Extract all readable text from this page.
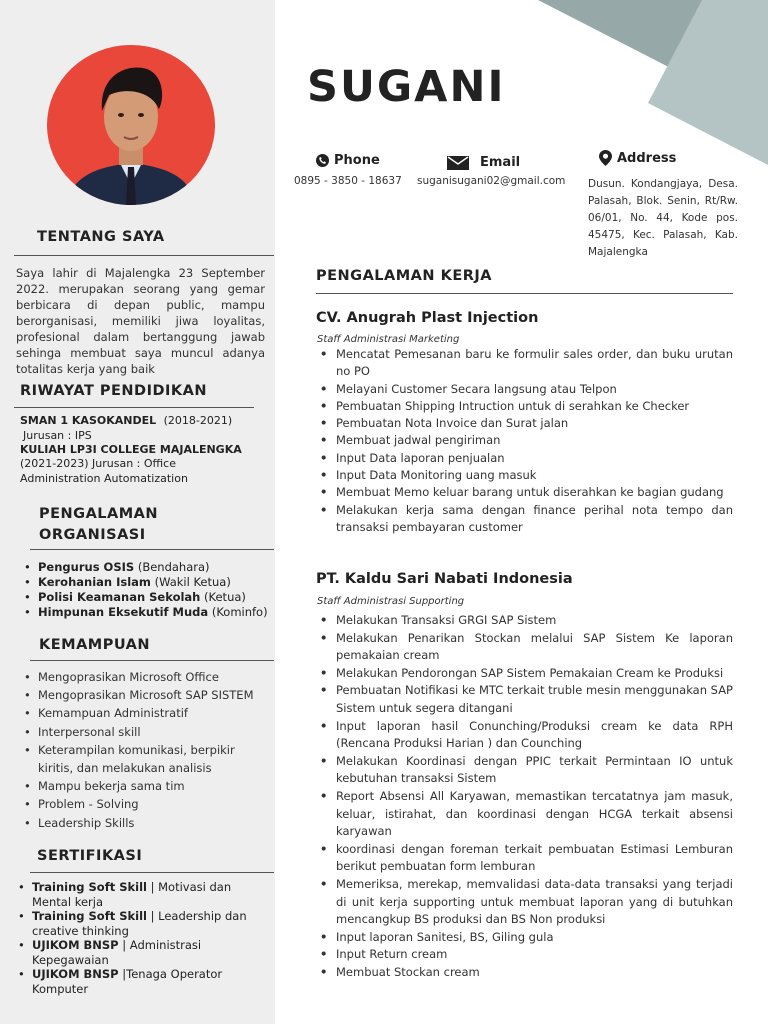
SUGANI
Phone
0895 - 3850 - 18637
Email
suganisugani02@gmail.com
Address
Dusun. Kondangjaya, Desa. Palasah, Blok. Senin, Rt/Rw. 06/01, No. 44, Kode pos. 45475, Kec. Palasah, Kab. Majalengka
TENTANG SAYA
Saya lahir di Majalengka 23 September 2022. merupakan seorang yang gemar berbicara di depan public, mampu berorganisasi, memiliki jiwa loyalitas, profesional dalam bertanggung jawab sehinga membuat saya muncul adanya totalitas kerja yang baik
RIWAYAT PENDIDIKAN
SMAN 1 KASOKANDEL (2018-2021)
Jurusan : IPS
KULIAH LP3I COLLEGE MAJALENGKA
(2021-2023) Jurusan : Office Administration Automatization
PENGALAMAN
ORGANISASI
• Pengurus OSIS (Bendahara)
• Kerohanian Islam (Wakil Ketua)
• Polisi Keamanan Sekolah (Ketua)
• Himpunan Eksekutif Muda (Kominfo)
KEMAMPUAN
• Mengoprasikan Microsoft Office
• Mengoprasikan Microsoft SAP SISTEM
• Kemampuan Administratif
• Interpersonal skill
• Keterampilan komunikasi, berpikir kiritis, dan melakukan analisis
• Mampu bekerja sama tim
• Problem - Solving
• Leadership Skills
SERTIFIKASI
• Training Soft Skill | Motivasi dan Mental kerja
• Training Soft Skill | Leadership dan creative thinking
• UJIKOM BNSP | Administrasi Kepegawaian
• UJIKOM BNSP |Tenaga Operator Komputer
PENGALAMAN KERJA
CV. Anugrah Plast Injection
Staff Administrasi Marketing
• Mencatat Pemesanan baru ke formulir sales order, dan buku urutan no PO
• Melayani Customer Secara langsung atau Telpon
• Pembuatan Shipping Intruction untuk di serahkan ke Checker
• Pembuatan Nota Invoice dan Surat jalan
• Membuat jadwal pengiriman
• Input Data laporan penjualan
• Input Data Monitoring uang masuk
• Membuat Memo keluar barang untuk diserahkan ke bagian gudang
• Melakukan kerja sama dengan finance perihal nota tempo dan transaksi pembayaran customer
PT. Kaldu Sari Nabati Indonesia
Staff Administrasi Supporting
• Melakukan Transaksi GRGI SAP Sistem
• Melakukan Penarikan Stockan melalui SAP Sistem Ke laporan pemakaian cream
• Melakukan Pendorongan SAP Sistem Pemakaian Cream ke Produksi
• Pembuatan Notifikasi ke MTC terkait truble mesin menggunakan SAP Sistem untuk segera ditangani
• Input laporan hasil Conunching/Produksi cream ke data RPH (Rencana Produksi Harian ) dan Counching
• Melakukan Koordinasi dengan PPIC terkait Permintaan IO untuk kebutuhan transaksi Sistem
• Report Absensi All Karyawan, memastikan tercatatnya jam masuk, keluar, istirahat, dan koordinasi dengan HCGA terkait absensi karyawan
• koordinasi dengan foreman terkait pembuatan Estimasi Lemburan berikut pembuatan form lemburan
• Memeriksa, merekap, memvalidasi data-data transaksi yang terjadi di unit kerja supporting untuk membuat laporan yang di butuhkan mencangkup BS produksi dan BS Non produksi
• Input laporan Sanitesi, BS, Giling gula
• Input Return cream
• Membuat Stockan cream
